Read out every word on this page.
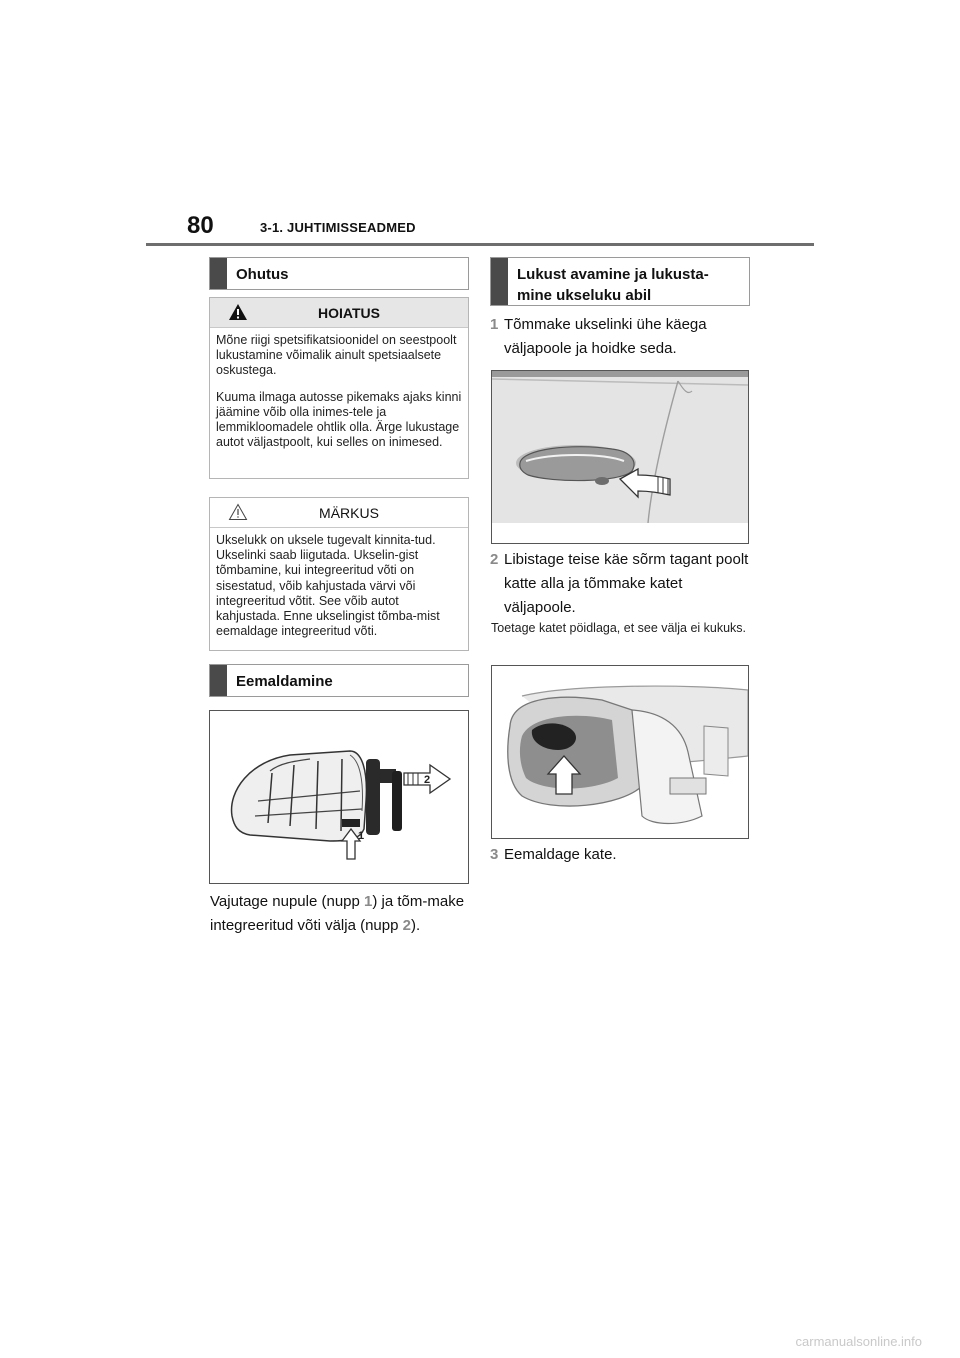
80	3-1. JUHTIMISSEADMED
Ohutus
HOIATUS

Mõne riigi spetsifikatsioonidel on seestpoolt lukustamine võimalik ainult spetsiaalsete oskustega.

Kuuma ilmaga autosse pikemaks ajaks kinni jäämine võib olla inimes-tele ja lemmikloomadele ohtlik olla. Ärge lukustage autot väljastpoolt, kui selles on inimesed.

MÄRKUS

Ukselukk on uksele tugevalt kinnita-tud. Ukselinki saab liigutada. Ukselin-gist tõmbamine, kui integreeritud võti on sisestatud, võib kahjustada värvi või integreeritud võtit. See võib autot kahjustada. Enne ukselingist tõmba-mist eemaldage integreeritud võti.

Eemaldamine
2
1
Vajutage nupule (nupp 1) ja tõm-make integreeritud võti välja (nupp 2).
Lukust avamine ja lukusta-mine ukseluku abil
1 Tõmmake ukselinki ühe käega väljapoole ja hoidke seda.
2 Libistage teise käe sõrm tagant poolt katte alla ja tõmmake katet väljapoole.
Toetage katet pöidlaga, et see välja ei kukuks.
3 Eemaldage kate.
carmanualsonline.info
